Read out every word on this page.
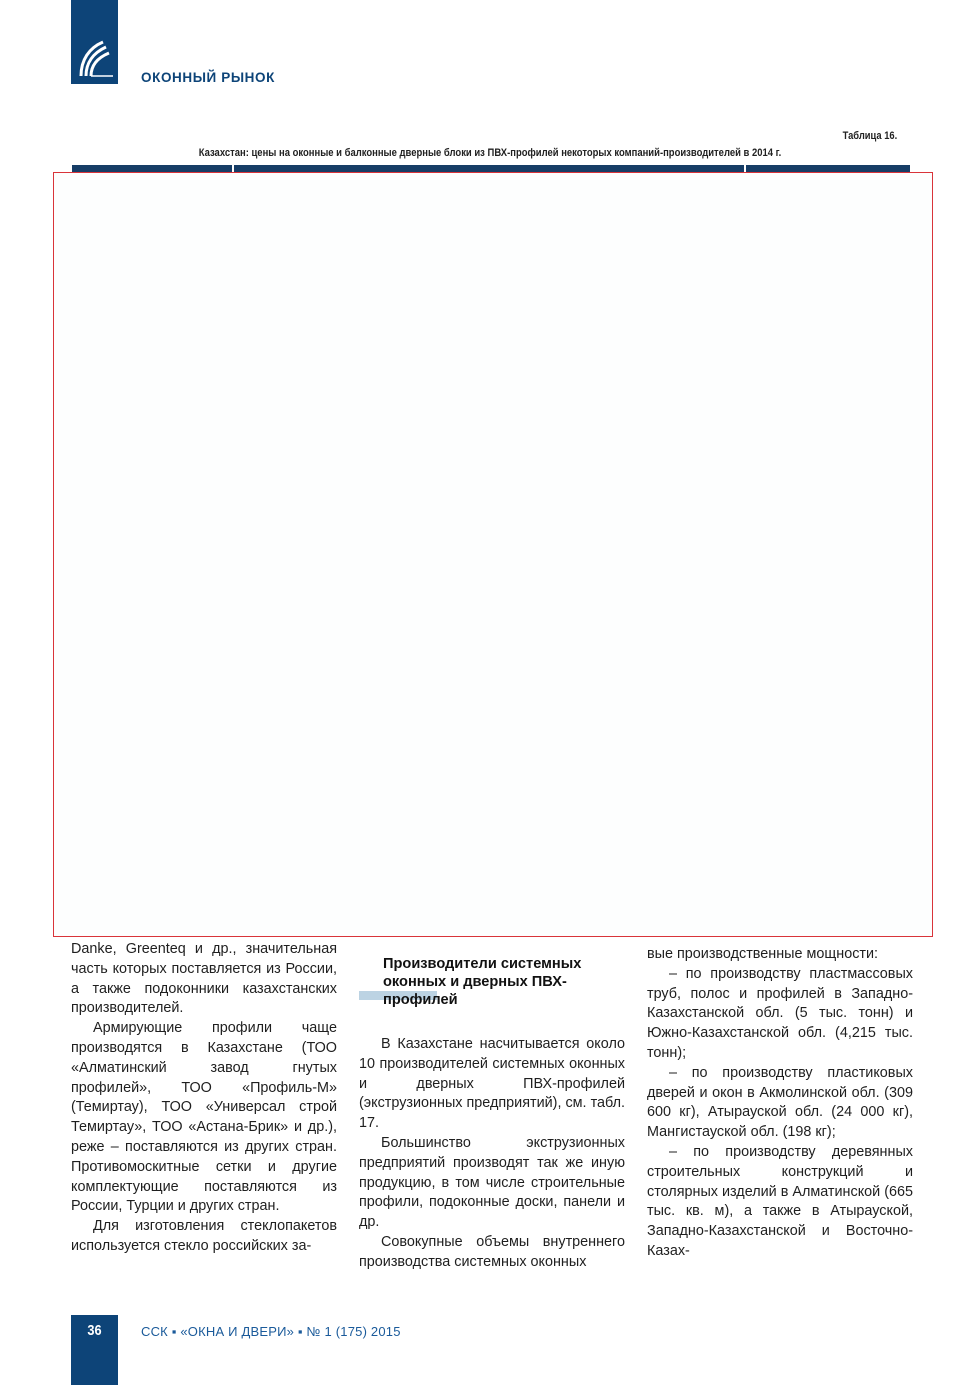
ОКОННЫЙ РЫНОК
Таблица 16.
Казахстан: цены на оконные и балконные дверные блоки из ПВХ-профилей некоторых компаний-производителей в 2014 г.

Danke, Greenteq и др., значительная часть которых поставляется из России, а также подоконники казахстанских производителей.

Армирующие профили чаще производятся в Казахстане (ТОО «Алматинский завод гнутых профилей», ТОО «Профиль-М» (Темиртау), ТОО «Универсал строй Темиртау», ТОО «Астана-Брик» и др.), реже – поставляются из других стран. Противомоскитные сетки и другие комплектующие поставляются из России, Турции и других стран.

Для изготовления стеклопакетов используется стекло российских за-

Производители системных оконных и дверных ПВХ-профилей

В Казахстане насчитывается около 10 производителей системных оконных и дверных ПВХ-профилей (экструзионных предприятий), см. табл. 17.

Большинство экструзионных предприятий производят так же иную продукцию, в том числе строительные профили, подоконные доски, панели и др.

Совокупные объемы внутреннего производства системных оконных

вые производственные мощности:

– по производству пластмассовых труб, полос и профилей в Западно-Казахстанской обл. (5 тыс. тонн) и Южно-Казахстанской обл. (4,215 тыс. тонн);

– по производству пластиковых дверей и окон в Акмолинской обл. (309 600 кг), Атырауской обл. (24 000 кг), Мангистауской обл. (198 кг);

– по производству деревянных строительных конструкций и столярных изделий в Алматинской (665 тыс. кв. м), а также в Атырауской, Западно-Казахстанской и Восточно-Казах-

36	ССК ▪ «ОКНА И ДВЕРИ» ▪ № 1 (175) 2015
